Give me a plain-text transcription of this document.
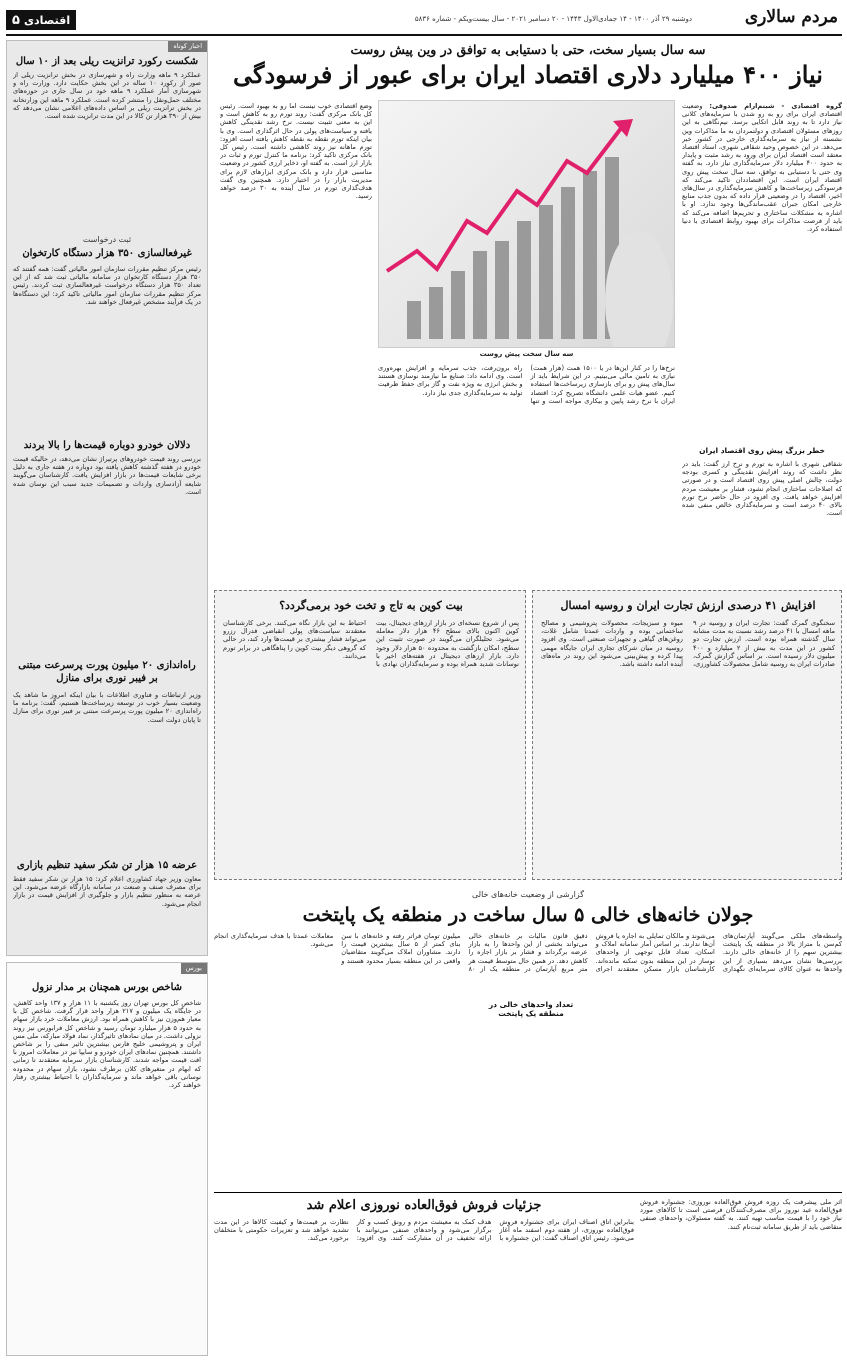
مردم سالاری
دوشنبه ۲۹ آذر ۱۴۰۰ - ۱۴ جمادی‌الاول ۱۴۴۳ - ۲۰ دسامبر ۲۰۲۱ - سال بیست‌ویکم - شماره ۵۸۳۶
اقتصادی
۵
اخبار کوتاه
شکست رکورد ترانزیت ریلی بعد از ۱۰ سال
عملکرد ۹ ماهه وزارت راه و شهرسازی در بخش ترانزیت ریلی از صور از رکورد ۱۰ ساله در این بخش حکایت دارد. وزارت راه و شهرسازی آمار عملکرد ۹ ماهه خود در سال جاری در حوزه‌های مختلف حمل‌ونقل را منتشر کرده است. عملکرد ۹ ماهه این وزارتخانه در بخش ترانزیت ریلی بر اساس داده‌های اعلامی نشان می‌دهد که بیش از ۳۹۰ هزار تن کالا در این مدت ترانزیت شده است.
ثبت درخواست
غیرفعالسازی ۳۵۰ هزار دستگاه کارتخوان
رئیس مرکز تنظیم مقررات سازمان امور مالیاتی گفت: همه گفتند که ۳۵۰ هزار دستگاه کارتخوان در سامانه مالیاتی ثبت شد که از این تعداد ۳۵۰ هزار دستگاه درخواست غیرفعالسازی ثبت کردند. رئیس مرکز تنظیم مقررات سازمان امور مالیاتی تاکید کرد: این دستگاه‌ها در یک فرآیند مشخص غیرفعال خواهند شد.
دلالان خودرو دوباره قیمت‌ها را بالا بردند
بررسی روند قیمت خودروهای پرتیراژ نشان می‌دهد، در حالیکه قیمت خودرو در هفته گذشته کاهش یافته بود دوباره در هفته جاری به دلیل برخی شایعات قیمت‌ها در بازار افزایش یافت. کارشناسان می‌گویند شایعه آزادسازی واردات و تصمیمات جدید سبب این نوسان شده است.
راه‌اندازی ۲۰ میلیون پورت پرسرعت مبتنی بر فیبر نوری برای منازل
وزیر ارتباطات و فناوری اطلاعات با بیان اینکه امروز ما شاهد یک وضعیت بسیار خوب در توسعه زیرساخت‌ها هستیم، گفت: برنامه ما راه‌اندازی ۲۰ میلیون پورت پرسرعت مبتنی بر فیبر نوری برای منازل تا پایان دولت است.
عرضه ۱۵ هزار تن شکر سفید تنظیم بازاری
معاون وزیر جهاد کشاورزی اعلام کرد: ۱۵ هزار تن شکر سفید فقط برای مصرف صنف و صنعت در سامانه بازارگاه عرضه می‌شود. این عرضه به منظور تنظیم بازار و جلوگیری از افزایش قیمت در بازار انجام می‌شود.
بورس
شاخص بورس همچنان بر مدار نزول
شاخص کل بورس تهران روز یکشنبه با ۱۱ هزار و ۱۳۷ واحد کاهش، در جایگاه یک میلیون و ۲۱۷ هزار واحد قرار گرفت. شاخص کل با معیار هم‌وزن نیز با کاهش همراه بود. ارزش معاملات خرد بازار سهام به حدود ۵ هزار میلیارد تومان رسید و شاخص کل فرابورس نیز روند نزولی داشت. در میان نمادهای تاثیرگذار، نماد فولاد مبارکه، ملی مس ایران و پتروشیمی خلیج فارس بیشترین تاثیر منفی را بر شاخص داشتند. همچنین نمادهای ایران خودرو و سایپا نیز در معاملات امروز با افت قیمت مواجه شدند. کارشناسان بازار سرمایه معتقدند تا زمانی که ابهام در متغیرهای کلان برطرف نشود، بازار سهام در محدوده نوسانی باقی خواهد ماند و سرمایه‌گذاران با احتیاط بیشتری رفتار خواهند کرد.
سه سال بسیار سخت، حتی با دستیابی به توافق در وین پیش روست
نیاز ۴۰۰ میلیارد دلاری اقتصاد ایران برای عبور از فرسودگی

گروه اقتصادی - شبنم‌ارام صدوقی: وضعیت اقتصادی ایران برای رو به رو شدن با سرمایه‌های کلانی نیاز دارد تا به روند قابل اتکایی برسد. نیم‌نگاهی به این روزهای مسئولان اقتصادی و دولتمردان به ما مذاکرات وین نشسته از نیاز به سرمایه‌گذاری خارجی در کشور خبر می‌دهد. در این خصوص وحید شقاقی شهری، استاد اقتصاد معتقد است اقتصاد ایران برای ورود به رشد مثبت و پایدار به حدود ۴۰۰ میلیارد دلار سرمایه‌گذاری نیاز دارد. به گفته وی حتی با دستیابی به توافق، سه سال سخت پیش روی اقتصاد ایران است. این اقتصاددان تاکید می‌کند که فرسودگی زیرساخت‌ها و کاهش سرمایه‌گذاری در سال‌های اخیر، اقتصاد را در وضعیتی قرار داده که بدون جذب منابع خارجی امکان جبران عقب‌ماندگی‌ها وجود ندارد. او با اشاره به مشکلات ساختاری و تحریم‌ها اضافه می‌کند که باید از فرصت مذاکرات برای بهبود روابط اقتصادی با دنیا استفاده کرد.

خطر بزرگ پیش روی اقتصاد ایران
شقاقی شهری با اشاره به تورم و نرخ ارز گفت: باید در نظر داشت که روند افزایش نقدینگی و کسری بودجه دولت، چالش اصلی پیش روی اقتصاد است و در صورتی که اصلاحات ساختاری انجام نشود، فشار بر معیشت مردم افزایش خواهد یافت. وی افزود در حال حاضر نرخ تورم بالای ۴۰ درصد است و سرمایه‌گذاری خالص منفی شده است.
سه سال سخت پیش روست
نرخ‌ها را در کنار این‌ها در یا ۱۵۰۰ همت (هزار همت) نیازی به تامین مالی می‌بینیم. در این شرایط باید از سال‌های پیش رو برای بازسازی زیرساخت‌ها استفاده کنیم. عضو هیات علمی دانشگاه تصریح کرد: اقتصاد ایران با نرخ رشد پایین و بیکاری مواجه است و تنها راه برون‌رفت، جذب سرمایه و افزایش بهره‌وری است. وی ادامه داد: صنایع ما نیازمند نوسازی هستند و بخش انرژی به ویژه نفت و گاز برای حفظ ظرفیت تولید به سرمایه‌گذاری جدی نیاز دارد.
وضع اقتصادی خوب نیست اما رو به بهبود است. رئیس کل بانک مرکزی گفت: روند تورم رو به کاهش است و این به معنی تثبیت نیست. نرخ رشد نقدینگی کاهش یافته و سیاست‌های پولی در حال اثرگذاری است. وی با بیان اینکه تورم نقطه به نقطه کاهش یافته است افزود: تورم ماهانه نیز روند کاهشی داشته است. رئیس کل بانک مرکزی تاکید کرد: برنامه ما کنترل تورم و ثبات در بازار ارز است. به گفته او، ذخایر ارزی کشور در وضعیت مناسبی قرار دارد و بانک مرکزی ابزارهای لازم برای مدیریت بازار را در اختیار دارد. همچنین وی گفت هدف‌گذاری تورم در سال آینده به ۳۰ درصد خواهد رسید.
افزایش ۴۱ درصدی ارزش تجارت ایران و روسیه امسال
سخنگوی گمرک گفت: تجارت ایران و روسیه در ۹ ماهه امسال با ۴۱ درصد رشد نسبت به مدت مشابه سال گذشته همراه بوده است. ارزش تجارت دو کشور در این مدت به بیش از ۲ میلیارد و ۴۰۰ میلیون دلار رسیده است. بر اساس گزارش گمرک، صادرات ایران به روسیه شامل محصولات کشاورزی، میوه و سبزیجات، محصولات پتروشیمی و مصالح ساختمانی بوده و واردات عمدتا شامل غلات، روغن‌های گیاهی و تجهیزات صنعتی است. وی افزود روسیه در میان شرکای تجاری ایران جایگاه مهمی پیدا کرده و پیش‌بینی می‌شود این روند در ماه‌های آینده ادامه داشته باشد.
بیت کوین به تاج و تخت خود برمی‌گردد؟
پس از شروع نسخه‌ای در بازار ارزهای دیجیتال، بیت کوین اکنون بالای سطح ۴۶ هزار دلار معامله می‌شود. تحلیلگران می‌گویند در صورت تثبیت این سطح، امکان بازگشت به محدوده ۵۰ هزار دلار وجود دارد. بازار ارزهای دیجیتال در هفته‌های اخیر با نوسانات شدید همراه بوده و سرمایه‌گذاران نهادی با احتیاط به این بازار نگاه می‌کنند. برخی کارشناسان معتقدند سیاست‌های پولی انقباضی فدرال رزرو می‌تواند فشار بیشتری بر قیمت‌ها وارد کند، در حالی که گروهی دیگر بیت کوین را پناهگاهی در برابر تورم می‌دانند.
گزارشی از وضعیت خانه‌های خالی
جولان خانه‌های خالی ۵ سال ساخت در منطقه یک پایتخت
تعداد واحدهای خالی در منطقه یک پایتخت
واسطه‌های ملکی می‌گویند آپارتمان‌های کم‌سن با متراژ بالا در منطقه یک پایتخت بیشترین سهم را از خانه‌های خالی دارند. بررسی‌ها نشان می‌دهد بسیاری از این واحدها به عنوان کالای سرمایه‌ای نگهداری می‌شوند و مالکان تمایلی به اجاره یا فروش آن‌ها ندارند. بر اساس آمار سامانه املاک و اسکان، تعداد قابل توجهی از واحدهای نوساز در این منطقه بدون سکنه مانده‌اند. کارشناسان بازار مسکن معتقدند اجرای دقیق قانون مالیات بر خانه‌های خالی می‌تواند بخشی از این واحدها را به بازار عرضه برگرداند و فشار بر بازار اجاره را کاهش دهد. در همین حال متوسط قیمت هر متر مربع آپارتمان در منطقه یک از ۸۰ میلیون تومان فراتر رفته و خانه‌های با سن بنای کمتر از ۵ سال بیشترین قیمت را دارند. مشاوران املاک می‌گویند متقاضیان واقعی در این منطقه بسیار محدود هستند و معاملات عمدتا با هدف سرمایه‌گذاری انجام می‌شود.
جزئیات فروش فوق‌العاده نوروزی اعلام شد
بنابراین اتاق اصناف ایران برای جشنواره فروش فوق‌العاده نوروزی، از هفته دوم اسفند ماه آغاز می‌شود. رئیس اتاق اصناف گفت: این جشنواره با هدف کمک به معیشت مردم و رونق کسب و کار برگزار می‌شود و واحدهای صنفی می‌توانند با ارائه تخفیف در آن مشارکت کنند. وی افزود: نظارت بر قیمت‌ها و کیفیت کالاها در این مدت تشدید خواهد شد و تعزیرات حکومتی با متخلفان برخورد می‌کند.
اثر ملی پیشرفت یک روزه فروش فوق‌العاده نوروزی: جشنواره فروش فوق‌العاده عید نوروز برای مصرف‌کنندگان فرصتی است تا کالاهای مورد نیاز خود را با قیمت مناسب تهیه کنند. به گفته مسئولان، واحدهای صنفی متقاضی باید از طریق سامانه ثبت‌نام کنند.
